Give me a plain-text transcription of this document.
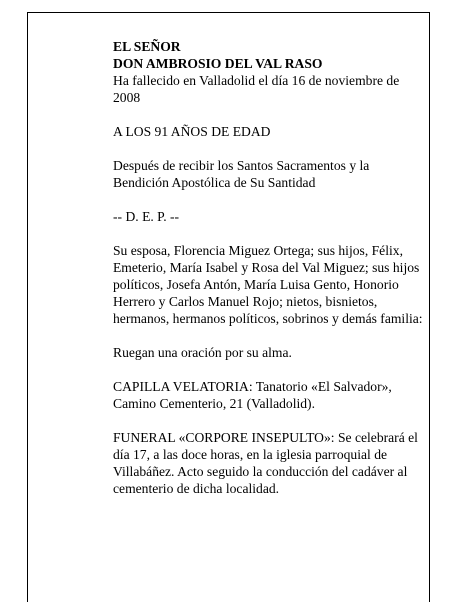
EL SEÑOR

DON AMBROSIO DEL VAL RASO

Ha fallecido en Valladolid el día 16 de noviembre de 2008

A LOS 91 AÑOS DE EDAD

Después de recibir los Santos Sacramentos y la Bendición Apostólica de Su Santidad

-- D. E. P. --

Su esposa, Florencia Miguez Ortega; sus hijos, Félix, Emeterio, María Isabel y Rosa del Val Miguez; sus hijos políticos, Josefa Antón, María Luisa Gento, Honorio Herrero y Carlos Manuel Rojo; nietos, bisnietos, hermanos, hermanos políticos, sobrinos y demás familia:

Ruegan una oración por su alma.

CAPILLA VELATORIA: Tanatorio «El Salvador», Camino Cementerio, 21 (Valladolid).

FUNERAL «CORPORE INSEPULTO»: Se celebrará el día 17, a las doce horas, en la iglesia parroquial de Villabáñez. Acto seguido la conducción del cadáver al cementerio de dicha localidad.
